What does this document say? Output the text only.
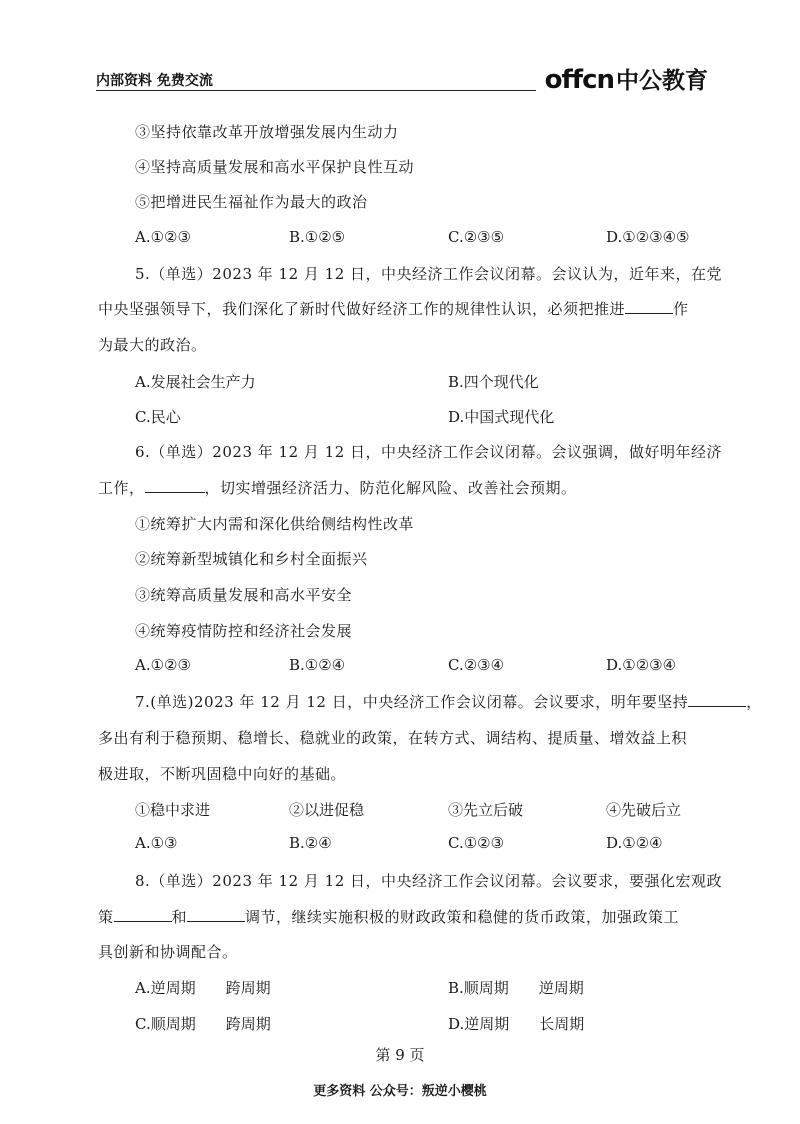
内部资料 免费交流	offcn 中公教育
③坚持依靠改革开放增强发展内生动力
④坚持高质量发展和高水平保护良性互动
⑤把增进民生福祉作为最大的政治
A.①②③	B.①②⑤	C.②③⑤	D.①②③④⑤
5.（单选）2023 年 12 月 12 日，中央经济工作会议闭幕。会议认为，近年来，在党
中央坚强领导下，我们深化了新时代做好经济工作的规律性认识，必须把推进	作
为最大的政治。
A.发展社会生产力	B.四个现代化
C.民心	D.中国式现代化
6.（单选）2023 年 12 月 12 日，中央经济工作会议闭幕。会议强调，做好明年经济
工作，	，切实增强经济活力、防范化解风险、改善社会预期。
①统筹扩大内需和深化供给侧结构性改革
②统筹新型城镇化和乡村全面振兴
③统筹高质量发展和高水平安全
④统筹疫情防控和经济社会发展
A.①②③	B.①②④	C.②③④	D.①②③④
7.(单选)2023 年 12 月 12 日，中央经济工作会议闭幕。会议要求，明年要坚持	，
多出有利于稳预期、稳增长、稳就业的政策，在转方式、调结构、提质量、增效益上积
极进取，不断巩固稳中向好的基础。
①稳中求进	②以进促稳	③先立后破	④先破后立
A.①③	B.②④	C.①②③	D.①②④
8.（单选）2023 年 12 月 12 日，中央经济工作会议闭幕。会议要求，要强化宏观政
策	和	调节，继续实施积极的财政政策和稳健的货币政策，加强政策工
具创新和协调配合。
A.逆周期　　跨周期	B.顺周期　　逆周期
C.顺周期　　跨周期	D.逆周期　　长周期
第 9 页
更多资料 公众号：叛逆小樱桃
